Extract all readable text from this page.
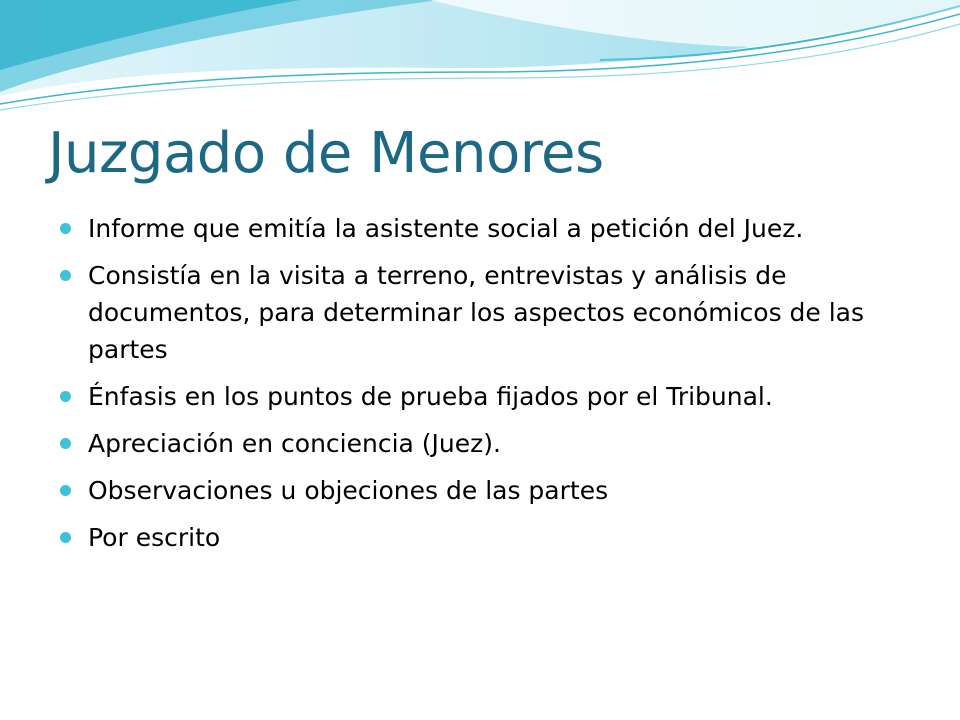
Juzgado de Menores
Informe que emitía la asistente social a petición del Juez.
Consistía en la visita a terreno, entrevistas y análisis de documentos, para determinar los aspectos económicos de las partes
Énfasis en los puntos de prueba fijados por el Tribunal.
Apreciación en conciencia (Juez).
Observaciones u objeciones de las partes
Por escrito
